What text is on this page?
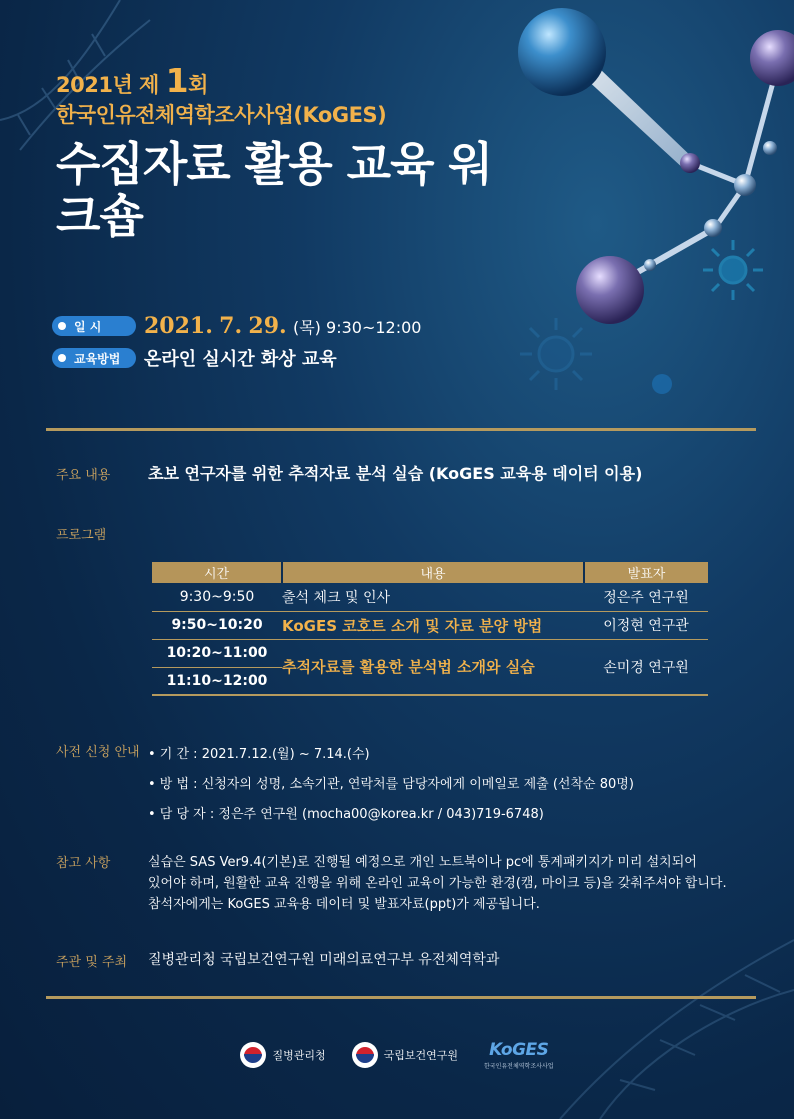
2021년 제 1회
한국인유전체역학조사사업(KoGES)
수집자료 활용 교육 워크숍
일 시 2021. 7. 29. (목) 9:30~12:00
교육방법 온라인 실시간 화상 교육
주요 내용 초보 연구자를 위한 추적자료 분석 실습 (KoGES 교육용 데이터 이용)
프로그램
시간	내용	발표자
9:30~9:50	출석 체크 및 인사	정은주 연구원
9:50~10:20	KoGES 코호트 소개 및 자료 분양 방법	이정현 연구관
10:20~11:00	추적자료를 활용한 분석법 소개와 실습	손미경 연구원
11:10~12:00		
사전 신청 안내 • 기 간 : 2021.7.12.(월) ~ 7.14.(수)
• 방 법 : 신청자의 성명, 소속기관, 연락처를 담당자에게 이메일로 제출 (선착순 80명)
• 담 당 자 : 정은주 연구원 (mocha00@korea.kr / 043)719-6748)
참고 사항	실습은 SAS Ver9.4(기본)로 진행될 예정으로 개인 노트북이나 pc에 통계패키지가 미리 설치되어
있어야 하며, 원활한 교육 진행을 위해 온라인 교육이 가능한 환경(캠, 마이크 등)을 갖춰주셔야 합니다.
참석자에게는 KoGES 교육용 데이터 및 발표자료(ppt)가 제공됩니다.
주관 및 주최 질병관리청 국립보건연구원 미래의료연구부 유전체역학과
질병관리청	국립보건연구원 KoGES
한국인유전체역학조사사업
